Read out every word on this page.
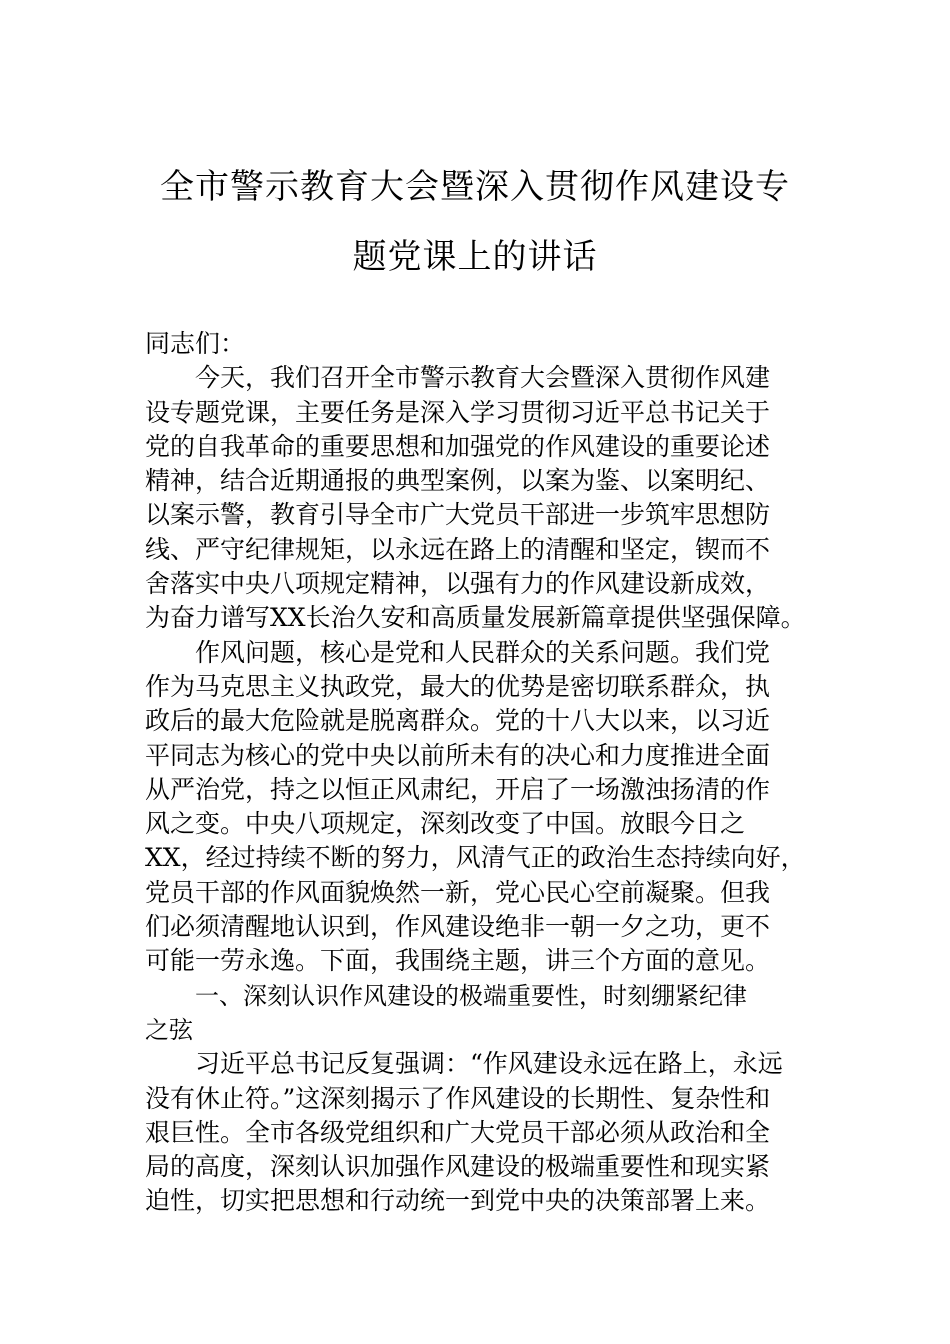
全市警示教育大会暨深入贯彻作风建设专
题党课上的讲话
同志们：
今天，我们召开全市警示教育大会暨深入贯彻作风建
设专题党课，主要任务是深入学习贯彻习近平总书记关于
党的自我革命的重要思想和加强党的作风建设的重要论述
精神，结合近期通报的典型案例，以案为鉴、以案明纪、
以案示警，教育引导全市广大党员干部进一步筑牢思想防
线、严守纪律规矩，以永远在路上的清醒和坚定，锲而不
舍落实中央八项规定精神，以强有力的作风建设新成效，
为奋力谱写XX长治久安和高质量发展新篇章提供坚强保障。
作风问题，核心是党和人民群众的关系问题。我们党
作为马克思主义执政党，最大的优势是密切联系群众，执
政后的最大危险就是脱离群众。党的十八大以来，以习近
平同志为核心的党中央以前所未有的决心和力度推进全面
从严治党，持之以恒正风肃纪，开启了一场激浊扬清的作
风之变。中央八项规定，深刻改变了中国。放眼今日之
XX，经过持续不断的努力，风清气正的政治生态持续向好，
党员干部的作风面貌焕然一新，党心民心空前凝聚。但我
们必须清醒地认识到，作风建设绝非一朝一夕之功，更不
可能一劳永逸。下面，我围绕主题，讲三个方面的意见。
一、深刻认识作风建设的极端重要性，时刻绷紧纪律
之弦
习近平总书记反复强调：“作风建设永远在路上，永远
没有休止符。”这深刻揭示了作风建设的长期性、复杂性和
艰巨性。全市各级党组织和广大党员干部必须从政治和全
局的高度，深刻认识加强作风建设的极端重要性和现实紧
迫性，切实把思想和行动统一到党中央的决策部署上来。
